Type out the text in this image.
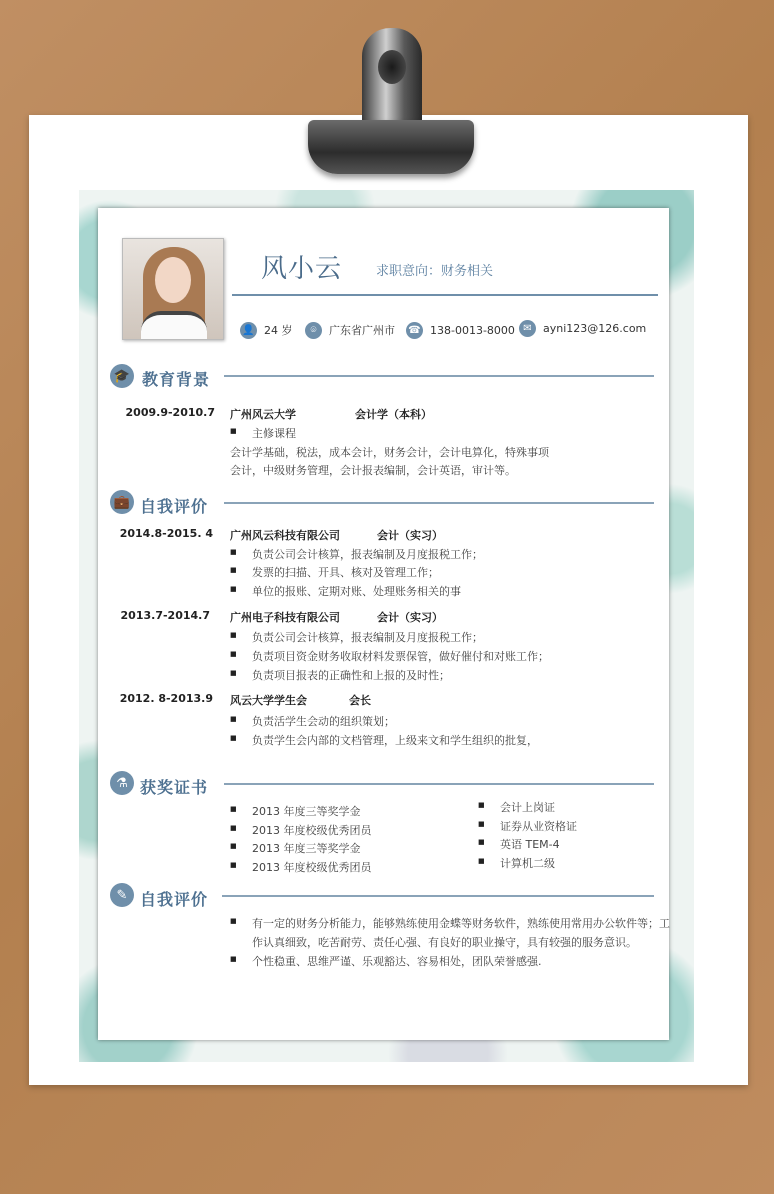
风小云	求职意向：财务相关
👤 24 岁	⌾	广东省广州市 ☎ 138-0013-8000 ✉	ayni123@126.com
🎓 教育背景
2009.9-2010.7 广州风云大学	会计学（本科）
■ 主修课程
会计学基础，税法，成本会计，财务会计，会计电算化，特殊事项
会计，中级财务管理，会计报表编制，会计英语，审计等。
💼 自我评价
2014.8-2015. 4 广州风云科技有限公司	会计（实习）
■ 负责公司会计核算，报表编制及月度报税工作；
■ 发票的扫描、开具、核对及管理工作；
■ 单位的报账、定期对账、处理账务相关的事
2013.7-2014.7 广州电子科技有限公司	会计（实习）
■ 负责公司会计核算，报表编制及月度报税工作；
■ 负责项目资金财务收取材料发票保管，做好催付和对账工作；
■ 负责项目报表的正确性和上报的及时性；
2012. 8-2013.9 风云大学学生会	会长
■ 负责活学生会动的组织策划；
■ 负责学生会内部的文档管理，上级来文和学生组织的批复，
⚗ 获奖证书
■ 2013 年度三等奖学金
■ 2013 年度校级优秀团员
■ 2013 年度三等奖学金
■ 2013 年度校级优秀团员
■ 会计上岗证
■ 证券从业资格证
■ 英语 TEM-4
■ 计算机二级
✎ 自我评价
■ 有一定的财务分析能力，能够熟练使用金蝶等财务软件，熟练使用常用办公软件等；工
作认真细致，吃苦耐劳、责任心强、有良好的职业操守，具有较强的服务意识。
■ 个性稳重、思维严谨、乐观豁达、容易相处，团队荣誉感强.
